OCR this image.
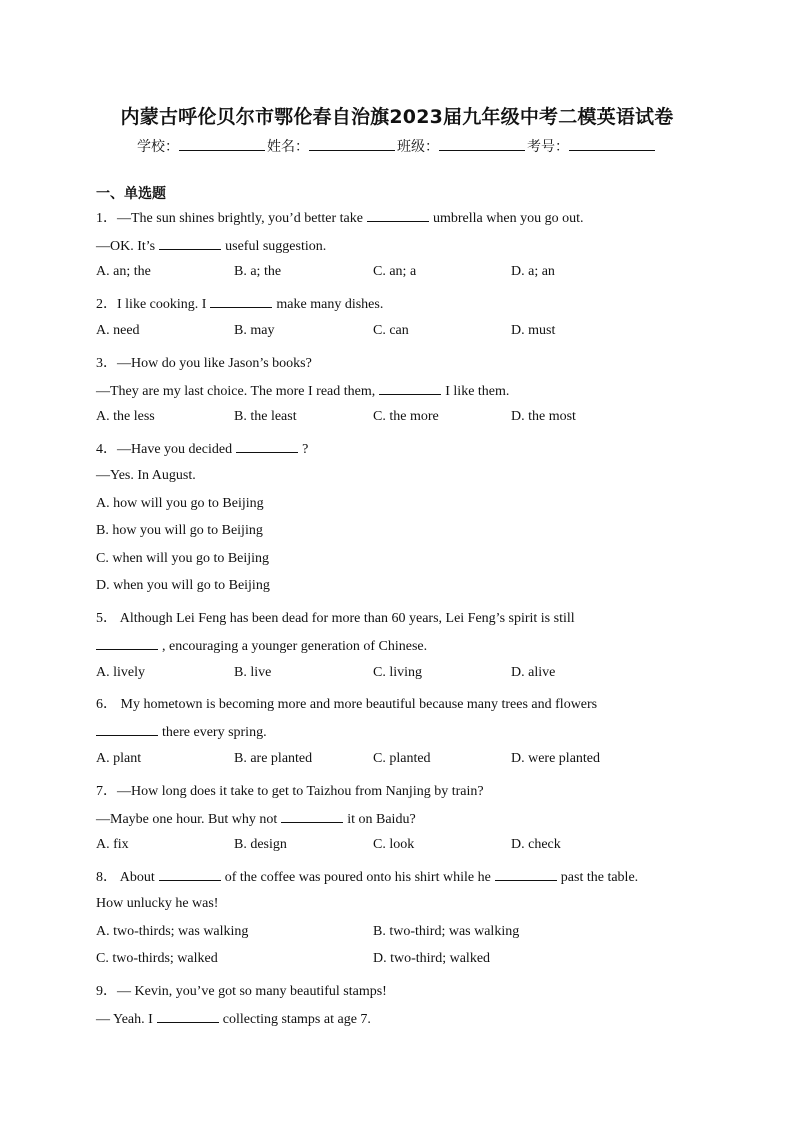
内蒙古呼伦贝尔市鄂伦春自治旗2023届九年级中考二模英语试卷
学校：	姓名：	班级：	考号：
一、单选题
1．—The sun shines brightly, you’d better take	umbrella when you go out.
—OK. It’s	useful suggestion.
A. an; the	B. a; the	C. an; a	D. a; an
2．I like cooking. I	make many dishes.
A. need	B. may	C. can	D. must
3．—How do you like Jason’s books?
—They are my last choice. The more I read them,	I like them.
A. the less	B. the least	C. the more	D. the most
4．—Have you decided	?
—Yes. In August.
A. how will you go to Beijing
B. how you will go to Beijing
C. when will you go to Beijing
D. when you will go to Beijing
5． Although Lei Feng has been dead for more than 60 years, Lei Feng’s spirit is still
, encouraging a younger generation of Chinese.
A. lively	B. live	C. living	D. alive
6． My hometown is becoming more and more beautiful because many trees and flowers
there every spring.
A. plant	B. are planted	C. planted	D. were planted
7．—How long does it take to get to Taizhou from Nanjing by train?
—Maybe one hour. But why not	it on Baidu?
A. fix	B. design	C. look	D. check
8． About	of the coffee was poured onto his shirt while he	past the table.
How unlucky he was!
A. two-thirds; was walking	B. two-third; was walking
C. two-thirds; walked	D. two-third; walked
9．— Kevin, you’ve got so many beautiful stamps!
— Yeah. I	collecting stamps at age 7.
